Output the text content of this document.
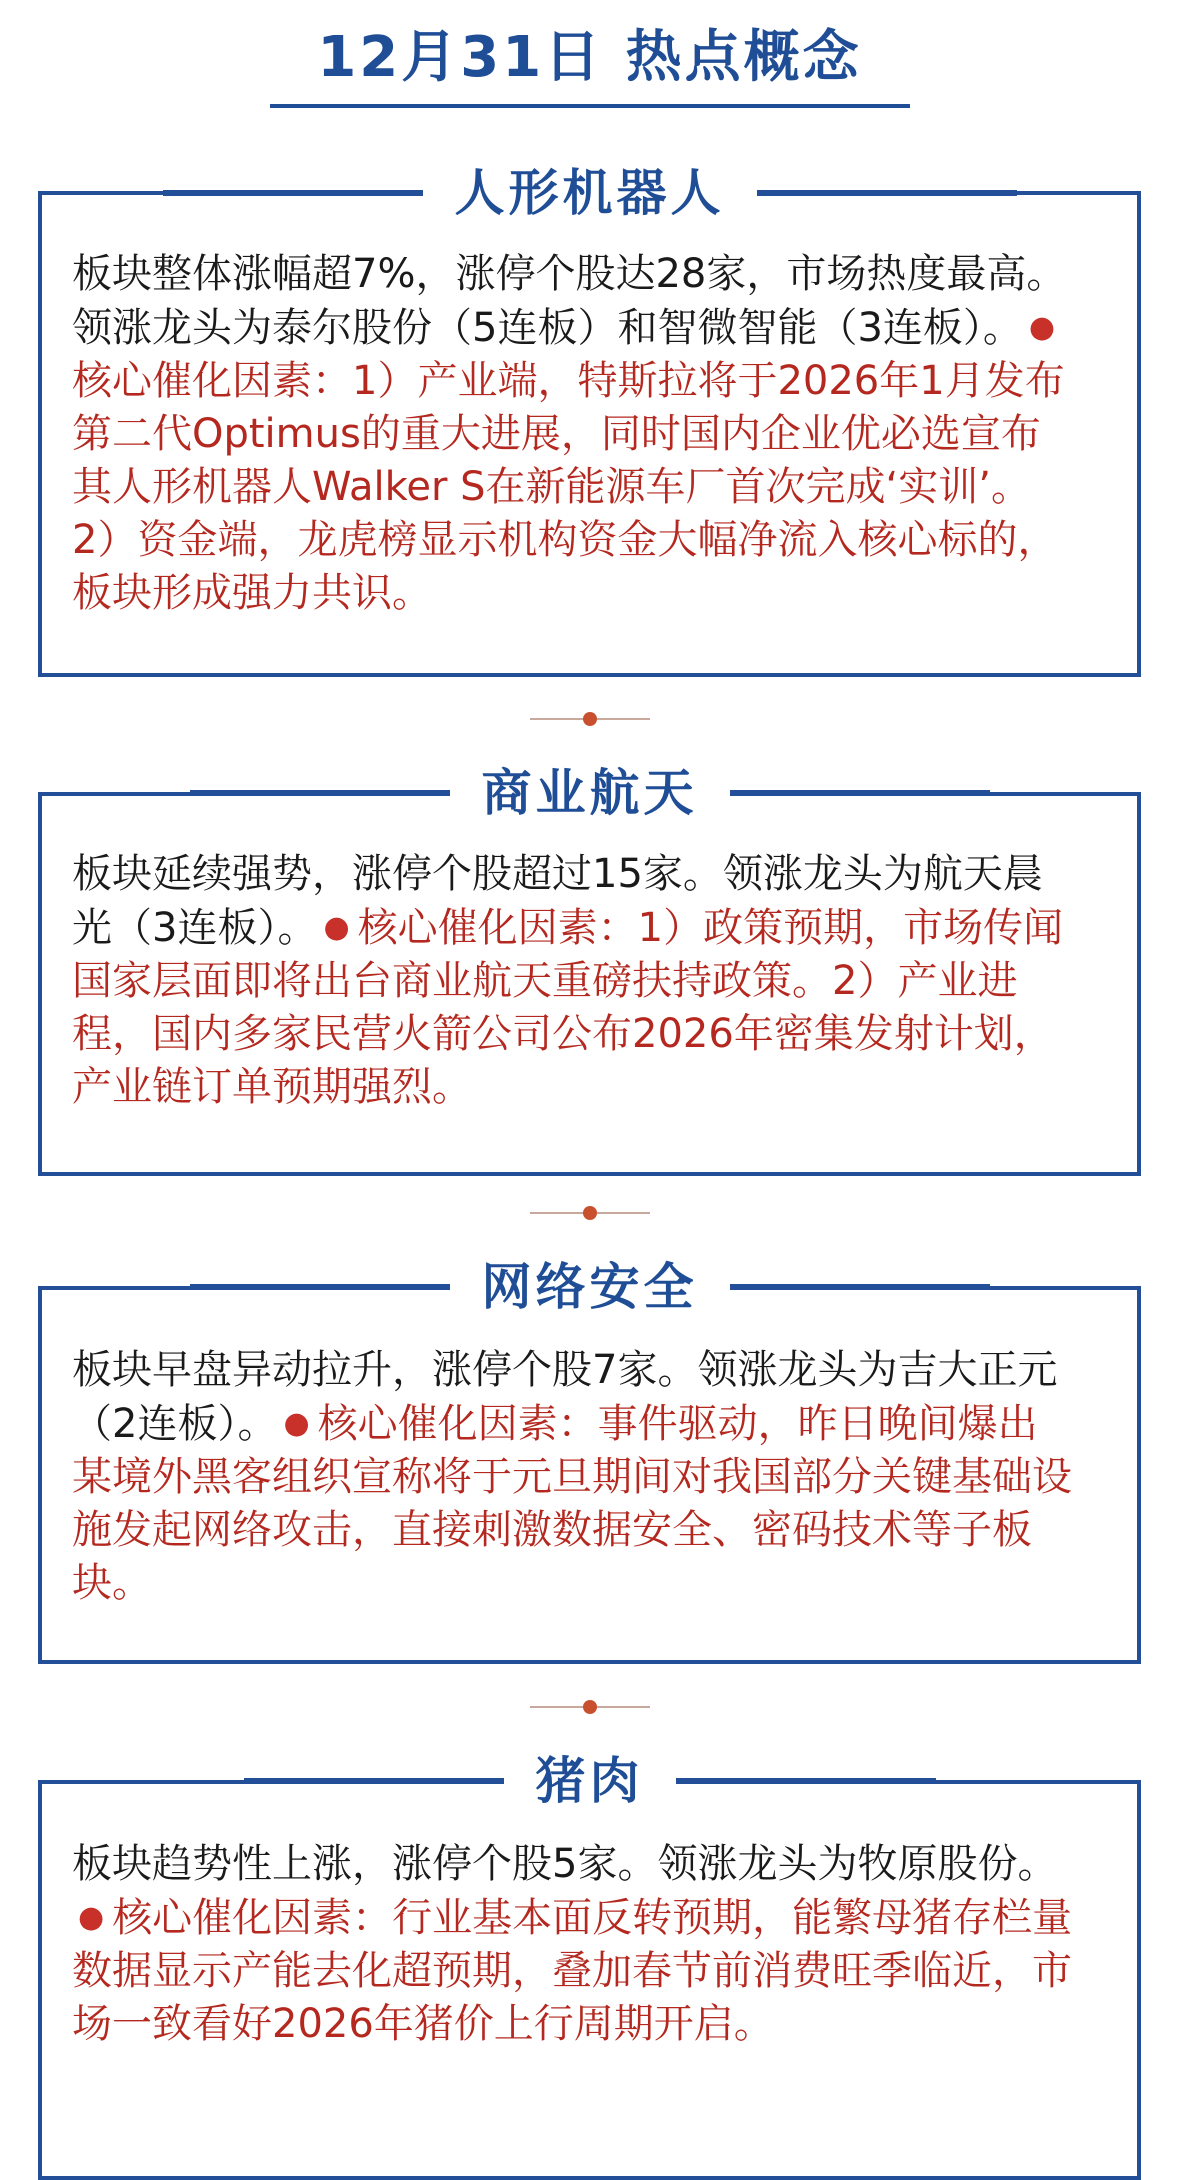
12月31日 热点概念
人形机器人
板块整体涨幅超7%，涨停个股达28家，市场热度最高。领涨龙头为泰尔股份（5连板）和智微智能（3连板）。 ●核心催化因素：1）产业端，特斯拉将于2026年1月发布第二代Optimus的重大进展，同时国内企业优必选宣布其人形机器人Walker S在新能源车厂首次完成‘实训’。2）资金端，龙虎榜显示机构资金大幅净流入核心标的，板块形成强力共识。
商业航天
板块延续强势，涨停个股超过15家。领涨龙头为航天晨光（3连板）。 ● 核心催化因素：1）政策预期，市场传闻国家层面即将出台商业航天重磅扶持政策。2）产业进程，国内多家民营火箭公司公布2026年密集发射计划，产业链订单预期强烈。
网络安全
板块早盘异动拉升，涨停个股7家。领涨龙头为吉大正元（2连板）。 ● 核心催化因素：事件驱动，昨日晚间爆出某境外黑客组织宣称将于元旦期间对我国部分关键基础设施发起网络攻击，直接刺激数据安全、密码技术等子板块。
猪肉
板块趋势性上涨，涨停个股5家。领涨龙头为牧原股份。● 核心催化因素：行业基本面反转预期，能繁母猪存栏量数据显示产能去化超预期，叠加春节前消费旺季临近，市场一致看好2026年猪价上行周期开启。
